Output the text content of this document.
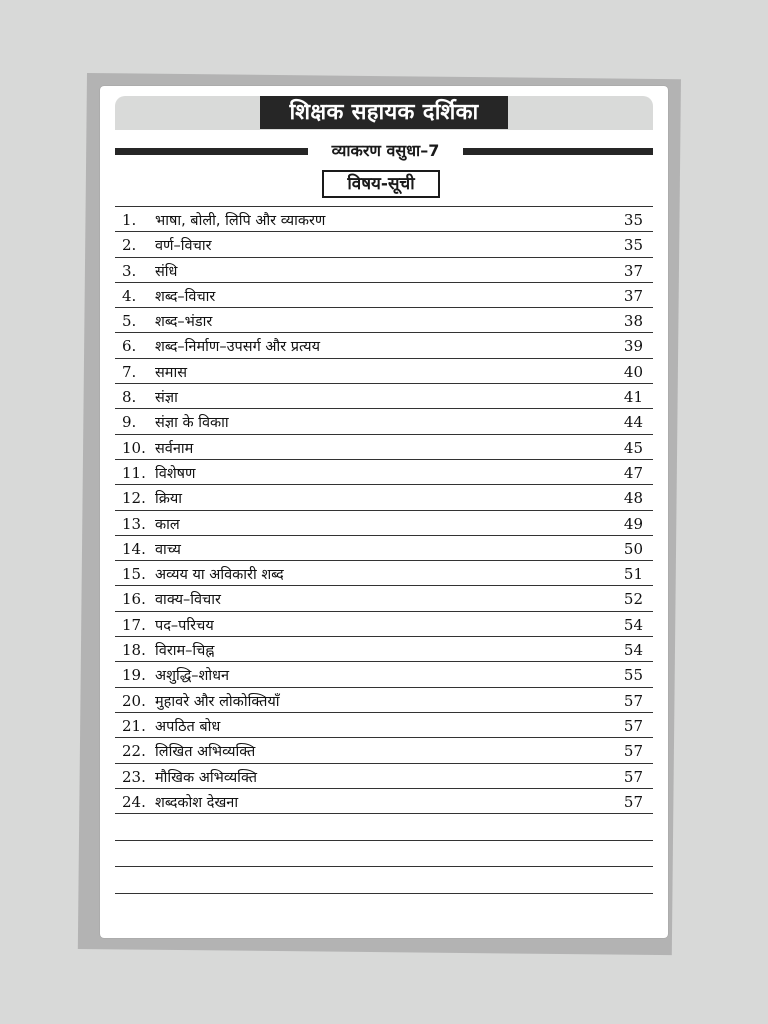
शिक्षक सहायक दर्शिका
व्याकरण वसुधा–7
विषय-सूची
1.	भाषा, बोली, लिपि और व्याकरण	35
2.	वर्ण–विचार	35
3.	संधि	37
4.	शब्द–विचार	37
5.	शब्द–भंडार	38
6.	शब्द–निर्माण–उपसर्ग और प्रत्यय	39
7.	समास	40
8.	संज्ञा	41
9.	संज्ञा के विकाा	44
10. सर्वनाम	45
11. विशेषण	47
12. क्रिया	48
13. काल	49
14. वाच्य	50
15. अव्यय या अविकारी शब्द	51
16. वाक्य–विचार	52
17. पद–परिचय	54
18. विराम–चिह्न	54
19. अशुद्धि–शोधन	55
20. मुहावरे और लोकोक्तियाँ	57
21. अपठित बोध	57
22. लिखित अभिव्यक्ति	57
23. मौखिक अभिव्यक्ति	57
24. शब्दकोश देखना	57
